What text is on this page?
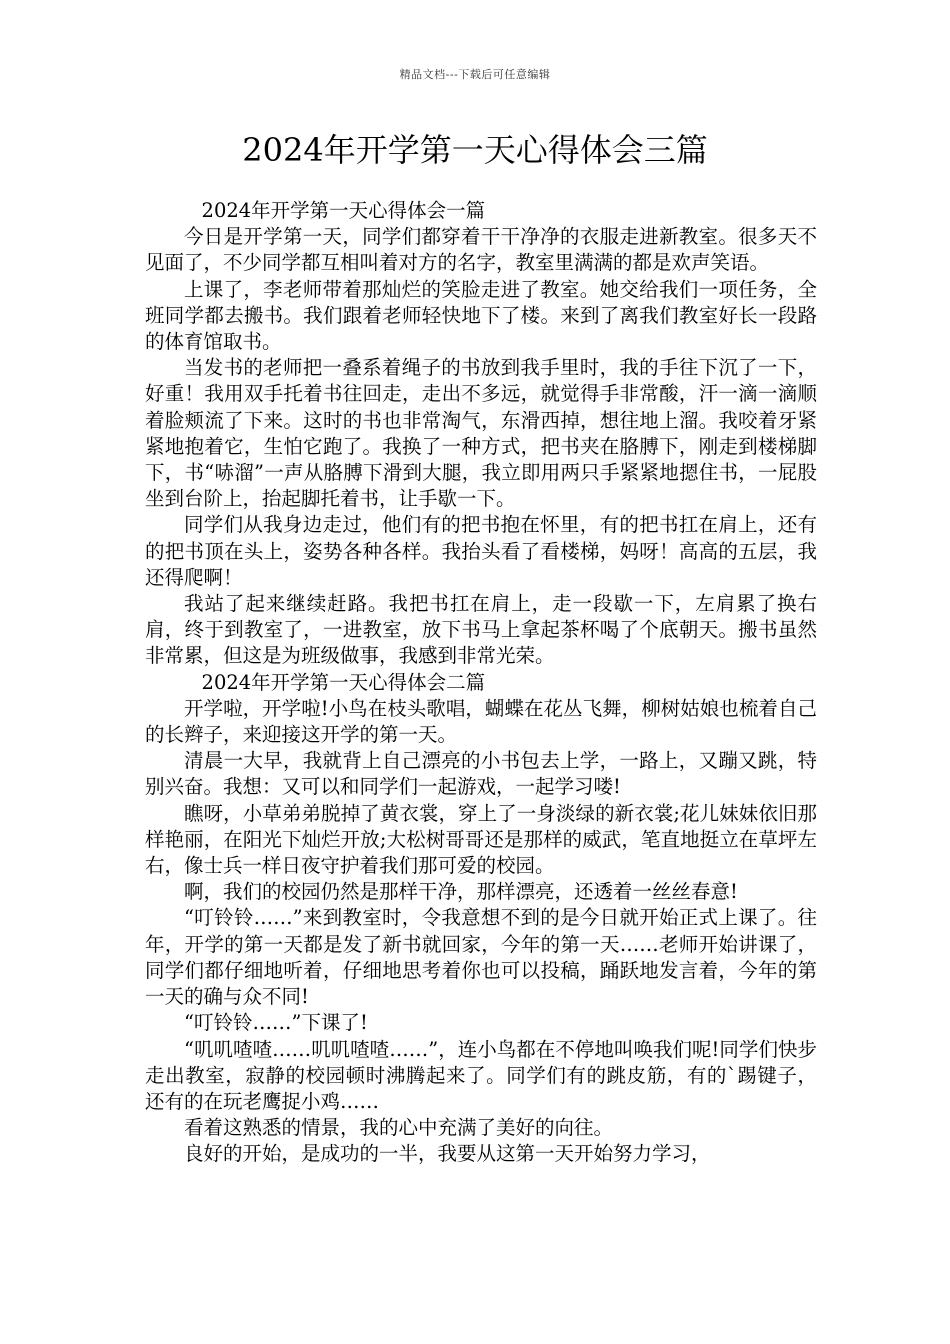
精品文档---下载后可任意编辑
2024年开学第一天心得体会三篇

2024年开学第一天心得体会一篇

今日是开学第一天，同学们都穿着干干净净的衣服走进新教室。很多天不见面了，不少同学都互相叫着对方的名字，教室里满满的都是欢声笑语。

上课了，李老师带着那灿烂的笑脸走进了教室。她交给我们一项任务，全班同学都去搬书。我们跟着老师轻快地下了楼。来到了离我们教室好长一段路的体育馆取书。

当发书的老师把一叠系着绳子的书放到我手里时，我的手往下沉了一下，好重！我用双手托着书往回走，走出不多远，就觉得手非常酸，汗一滴一滴顺着脸颊流了下来。这时的书也非常淘气，东滑西掉，想往地上溜。我咬着牙紧紧地抱着它，生怕它跑了。我换了一种方式，把书夹在胳膊下，刚走到楼梯脚下，书“哧溜”一声从胳膊下滑到大腿，我立即用两只手紧紧地摁住书，一屁股坐到台阶上，抬起脚托着书，让手歇一下。

同学们从我身边走过，他们有的把书抱在怀里，有的把书扛在肩上，还有的把书顶在头上，姿势各种各样。我抬头看了看楼梯，妈呀！高高的五层，我还得爬啊！

我站了起来继续赶路。我把书扛在肩上，走一段歇一下，左肩累了换右肩，终于到教室了，一进教室，放下书马上拿起茶杯喝了个底朝天。搬书虽然非常累，但这是为班级做事，我感到非常光荣。

2024年开学第一天心得体会二篇

开学啦，开学啦!小鸟在枝头歌唱，蝴蝶在花丛飞舞，柳树姑娘也梳着自己的长辫子，来迎接这开学的第一天。

清晨一大早，我就背上自己漂亮的小书包去上学，一路上，又蹦又跳，特别兴奋。我想：又可以和同学们一起游戏，一起学习喽!

瞧呀，小草弟弟脱掉了黄衣裳，穿上了一身淡绿的新衣裳;花儿妹妹依旧那样艳丽，在阳光下灿烂开放;大松树哥哥还是那样的威武，笔直地挺立在草坪左右，像士兵一样日夜守护着我们那可爱的校园。

啊，我们的校园仍然是那样干净，那样漂亮，还透着一丝丝春意!

“叮铃铃……”来到教室时，令我意想不到的是今日就开始正式上课了。往年，开学的第一天都是发了新书就回家，今年的第一天……老师开始讲课了，同学们都仔细地听着，仔细地思考着你也可以投稿，踊跃地发言着，今年的第一天的确与众不同!

“叮铃铃……”下课了!

“叽叽喳喳……叽叽喳喳……”，连小鸟都在不停地叫唤我们呢!同学们快步走出教室，寂静的校园顿时沸腾起来了。同学们有的跳皮筋，有的`踢键子，还有的在玩老鹰捉小鸡……

看着这熟悉的情景，我的心中充满了美好的向往。

良好的开始，是成功的一半，我要从这第一天开始努力学习，
